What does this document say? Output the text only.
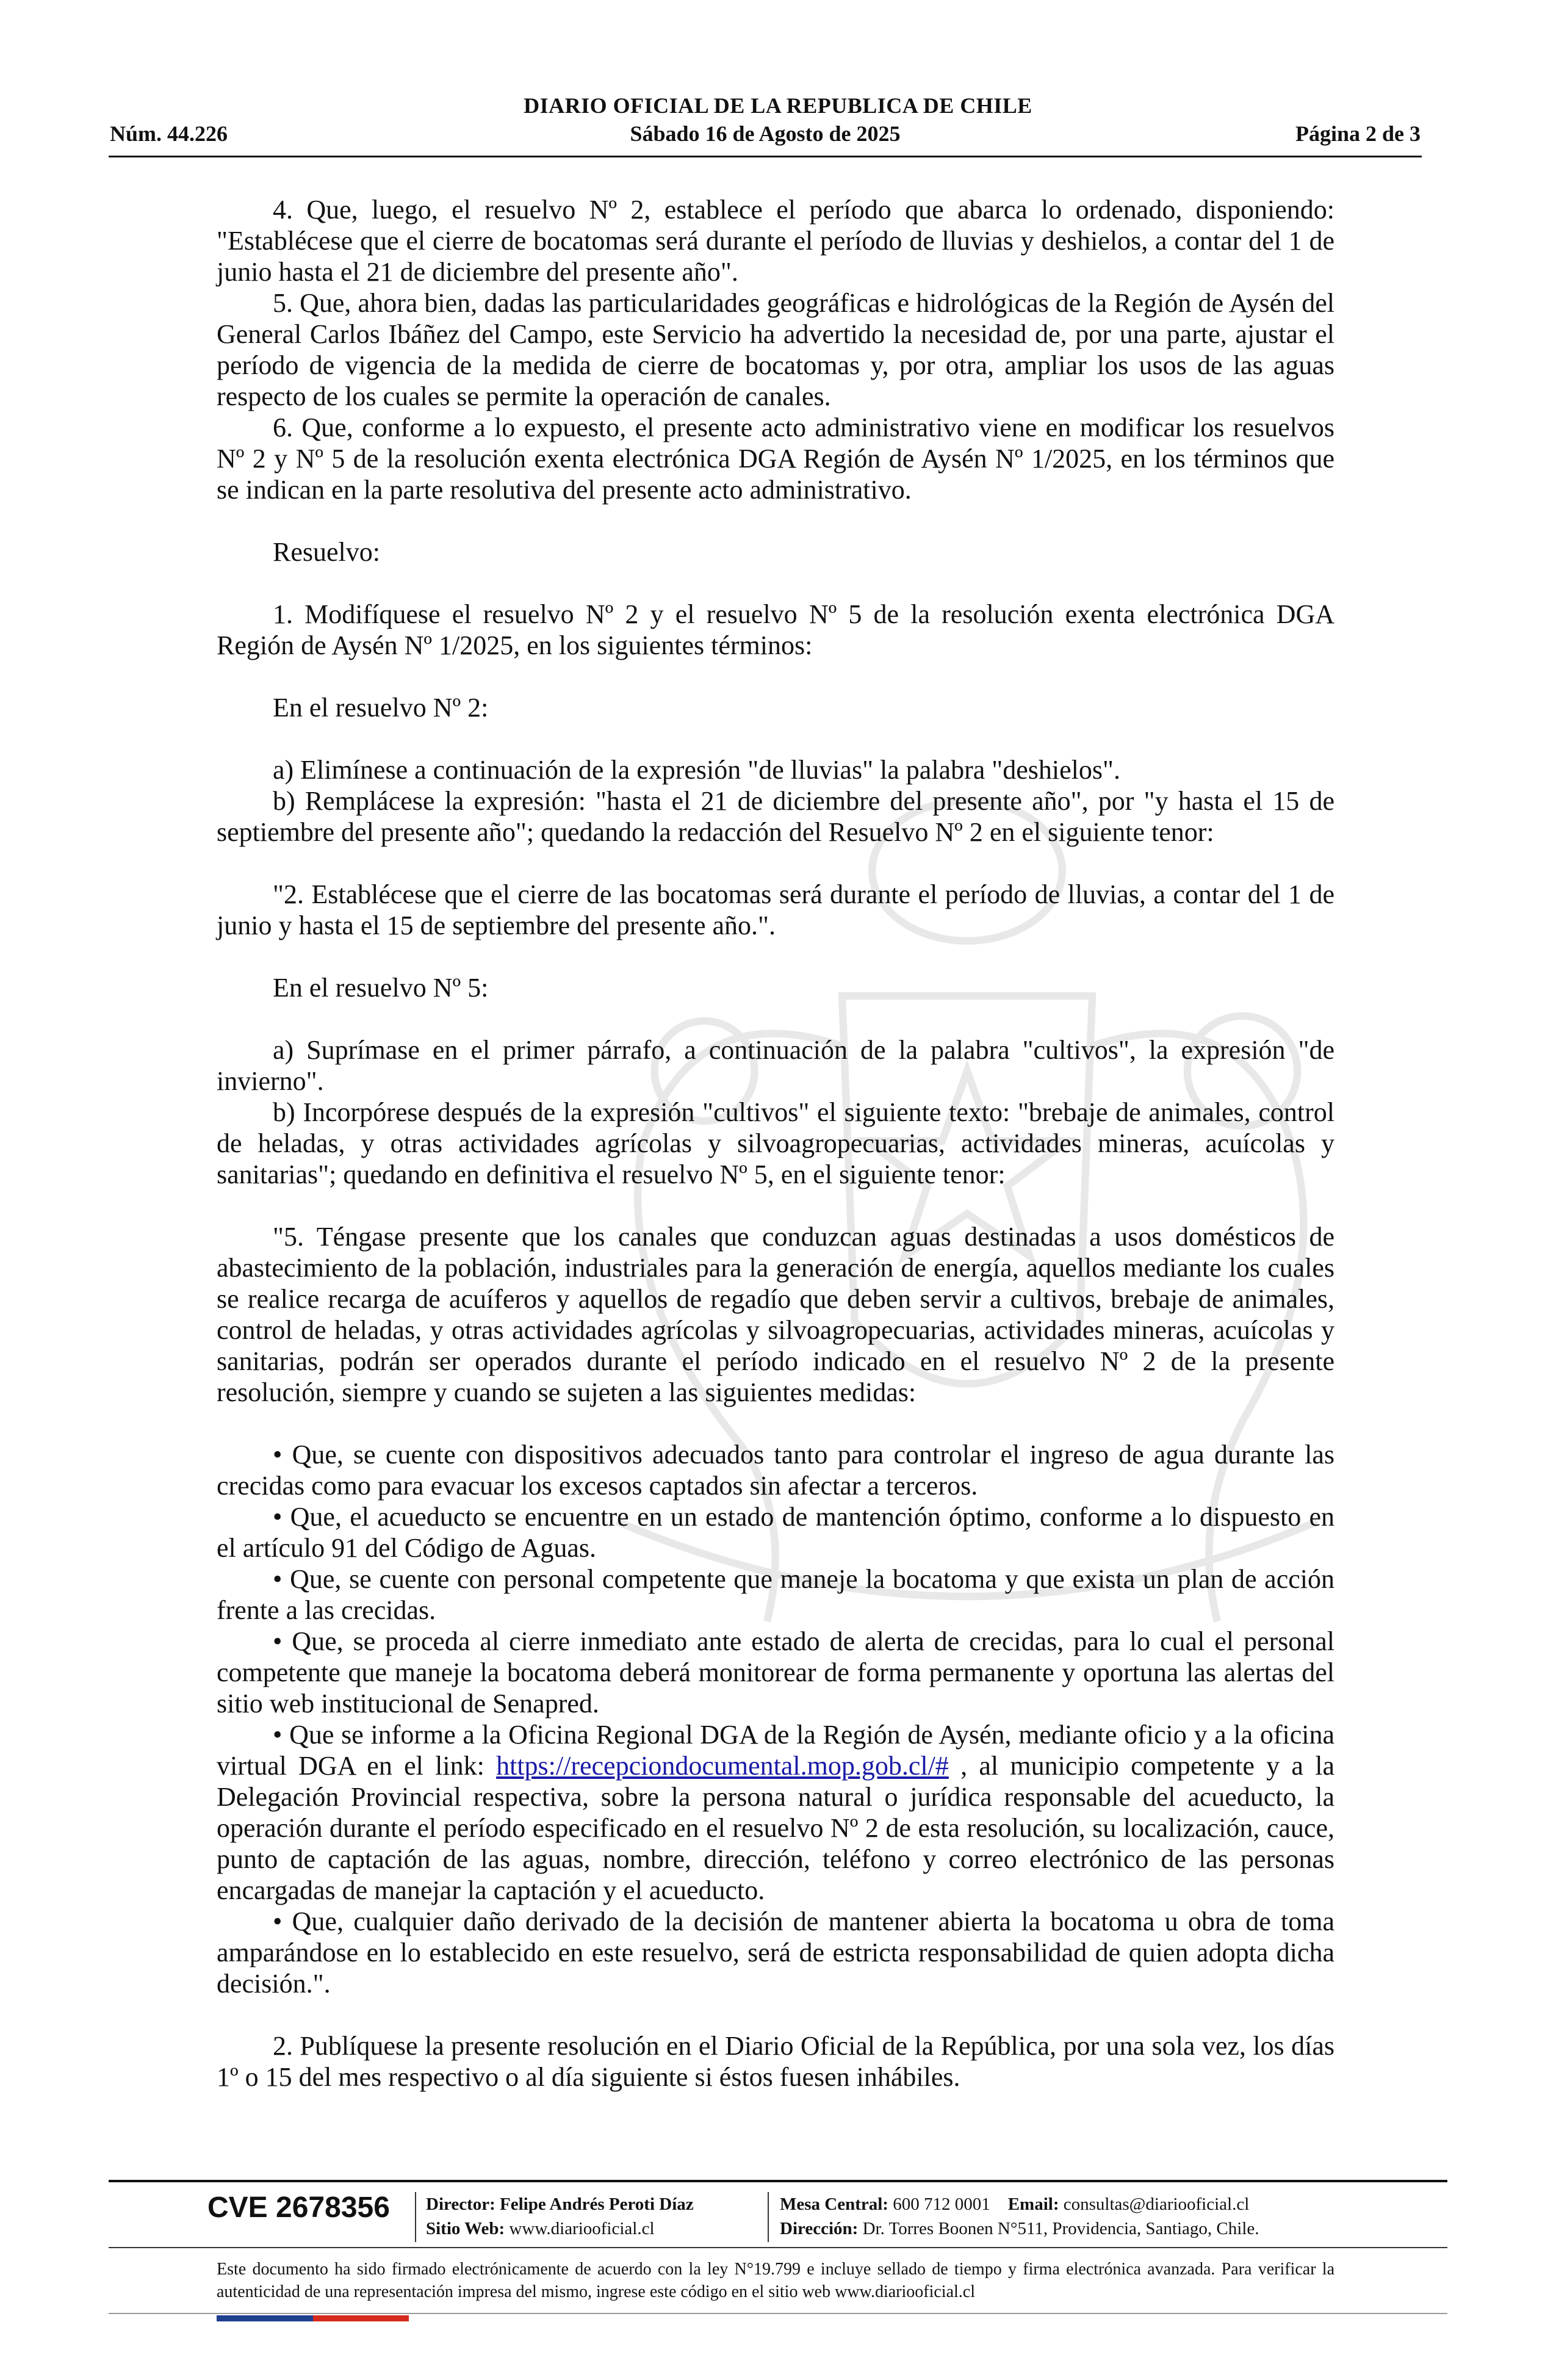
DIARIO OFICIAL DE LA REPUBLICA DE CHILE
Núm. 44.226	Sábado 16 de Agosto de 2025	Página 2 de 3

4. Que, luego, el resuelvo Nº 2, establece el período que abarca lo ordenado, disponiendo: "Establécese que el cierre de bocatomas será durante el período de lluvias y deshielos, a contar del 1 de junio hasta el 21 de diciembre del presente año".

5. Que, ahora bien, dadas las particularidades geográficas e hidrológicas de la Región de Aysén del General Carlos Ibáñez del Campo, este Servicio ha advertido la necesidad de, por una parte, ajustar el período de vigencia de la medida de cierre de bocatomas y, por otra, ampliar los usos de las aguas respecto de los cuales se permite la operación de canales.

6. Que, conforme a lo expuesto, el presente acto administrativo viene en modificar los resuelvos Nº 2 y Nº 5 de la resolución exenta electrónica DGA Región de Aysén Nº 1/2025, en los términos que se indican en la parte resolutiva del presente acto administrativo.

Resuelvo:

1. Modifíquese el resuelvo Nº 2 y el resuelvo Nº 5 de la resolución exenta electrónica DGA Región de Aysén Nº 1/2025, en los siguientes términos:

En el resuelvo Nº 2:

a) Elimínese a continuación de la expresión "de lluvias" la palabra "deshielos".

b) Remplácese la expresión: "hasta el 21 de diciembre del presente año", por "y hasta el 15 de septiembre del presente año"; quedando la redacción del Resuelvo Nº 2 en el siguiente tenor:

"2. Establécese que el cierre de las bocatomas será durante el período de lluvias, a contar del 1 de junio y hasta el 15 de septiembre del presente año.".

En el resuelvo Nº 5:

a) Suprímase en el primer párrafo, a continuación de la palabra "cultivos", la expresión "de invierno".

b) Incorpórese después de la expresión "cultivos" el siguiente texto: "brebaje de animales, control de heladas, y otras actividades agrícolas y silvoagropecuarias, actividades mineras, acuícolas y sanitarias"; quedando en definitiva el resuelvo Nº 5, en el siguiente tenor:

"5. Téngase presente que los canales que conduzcan aguas destinadas a usos domésticos de abastecimiento de la población, industriales para la generación de energía, aquellos mediante los cuales se realice recarga de acuíferos y aquellos de regadío que deben servir a cultivos, brebaje de animales, control de heladas, y otras actividades agrícolas y silvoagropecuarias, actividades mineras, acuícolas y sanitarias, podrán ser operados durante el período indicado en el resuelvo Nº 2 de la presente resolución, siempre y cuando se sujeten a las siguientes medidas:

• Que, se cuente con dispositivos adecuados tanto para controlar el ingreso de agua durante las crecidas como para evacuar los excesos captados sin afectar a terceros.

• Que, el acueducto se encuentre en un estado de mantención óptimo, conforme a lo dispuesto en el artículo 91 del Código de Aguas.

• Que, se cuente con personal competente que maneje la bocatoma y que exista un plan de acción frente a las crecidas.

• Que, se proceda al cierre inmediato ante estado de alerta de crecidas, para lo cual el personal competente que maneje la bocatoma deberá monitorear de forma permanente y oportuna las alertas del sitio web institucional de Senapred.

• Que se informe a la Oficina Regional DGA de la Región de Aysén, mediante oficio y a la oficina virtual DGA en el link: https://recepciondocumental.mop.gob.cl/# , al municipio competente y a la Delegación Provincial respectiva, sobre la persona natural o jurídica responsable del acueducto, la operación durante el período especificado en el resuelvo Nº 2 de esta resolución, su localización, cauce, punto de captación de las aguas, nombre, dirección, teléfono y correo electrónico de las personas encargadas de manejar la captación y el acueducto.

• Que, cualquier daño derivado de la decisión de mantener abierta la bocatoma u obra de toma amparándose en lo establecido en este resuelvo, será de estricta responsabilidad de quien adopta dicha decisión.".

2. Publíquese la presente resolución en el Diario Oficial de la República, por una sola vez, los días 1º o 15 del mes respectivo o al día siguiente si éstos fuesen inhábiles.

CVE 2678356 Director: Felipe Andrés Peroti Díaz
Sitio Web: www.diariooficial.cl
Mesa Central: 600 712 0001 Email: consultas@diariooficial.cl
Dirección: Dr. Torres Boonen N°511, Providencia, Santiago, Chile.
Este documento ha sido firmado electrónicamente de acuerdo con la ley N°19.799 e incluye sellado de tiempo y firma electrónica avanzada. Para verificar la autenticidad de una representación impresa del mismo, ingrese este código en el sitio web www.diariooficial.cl
